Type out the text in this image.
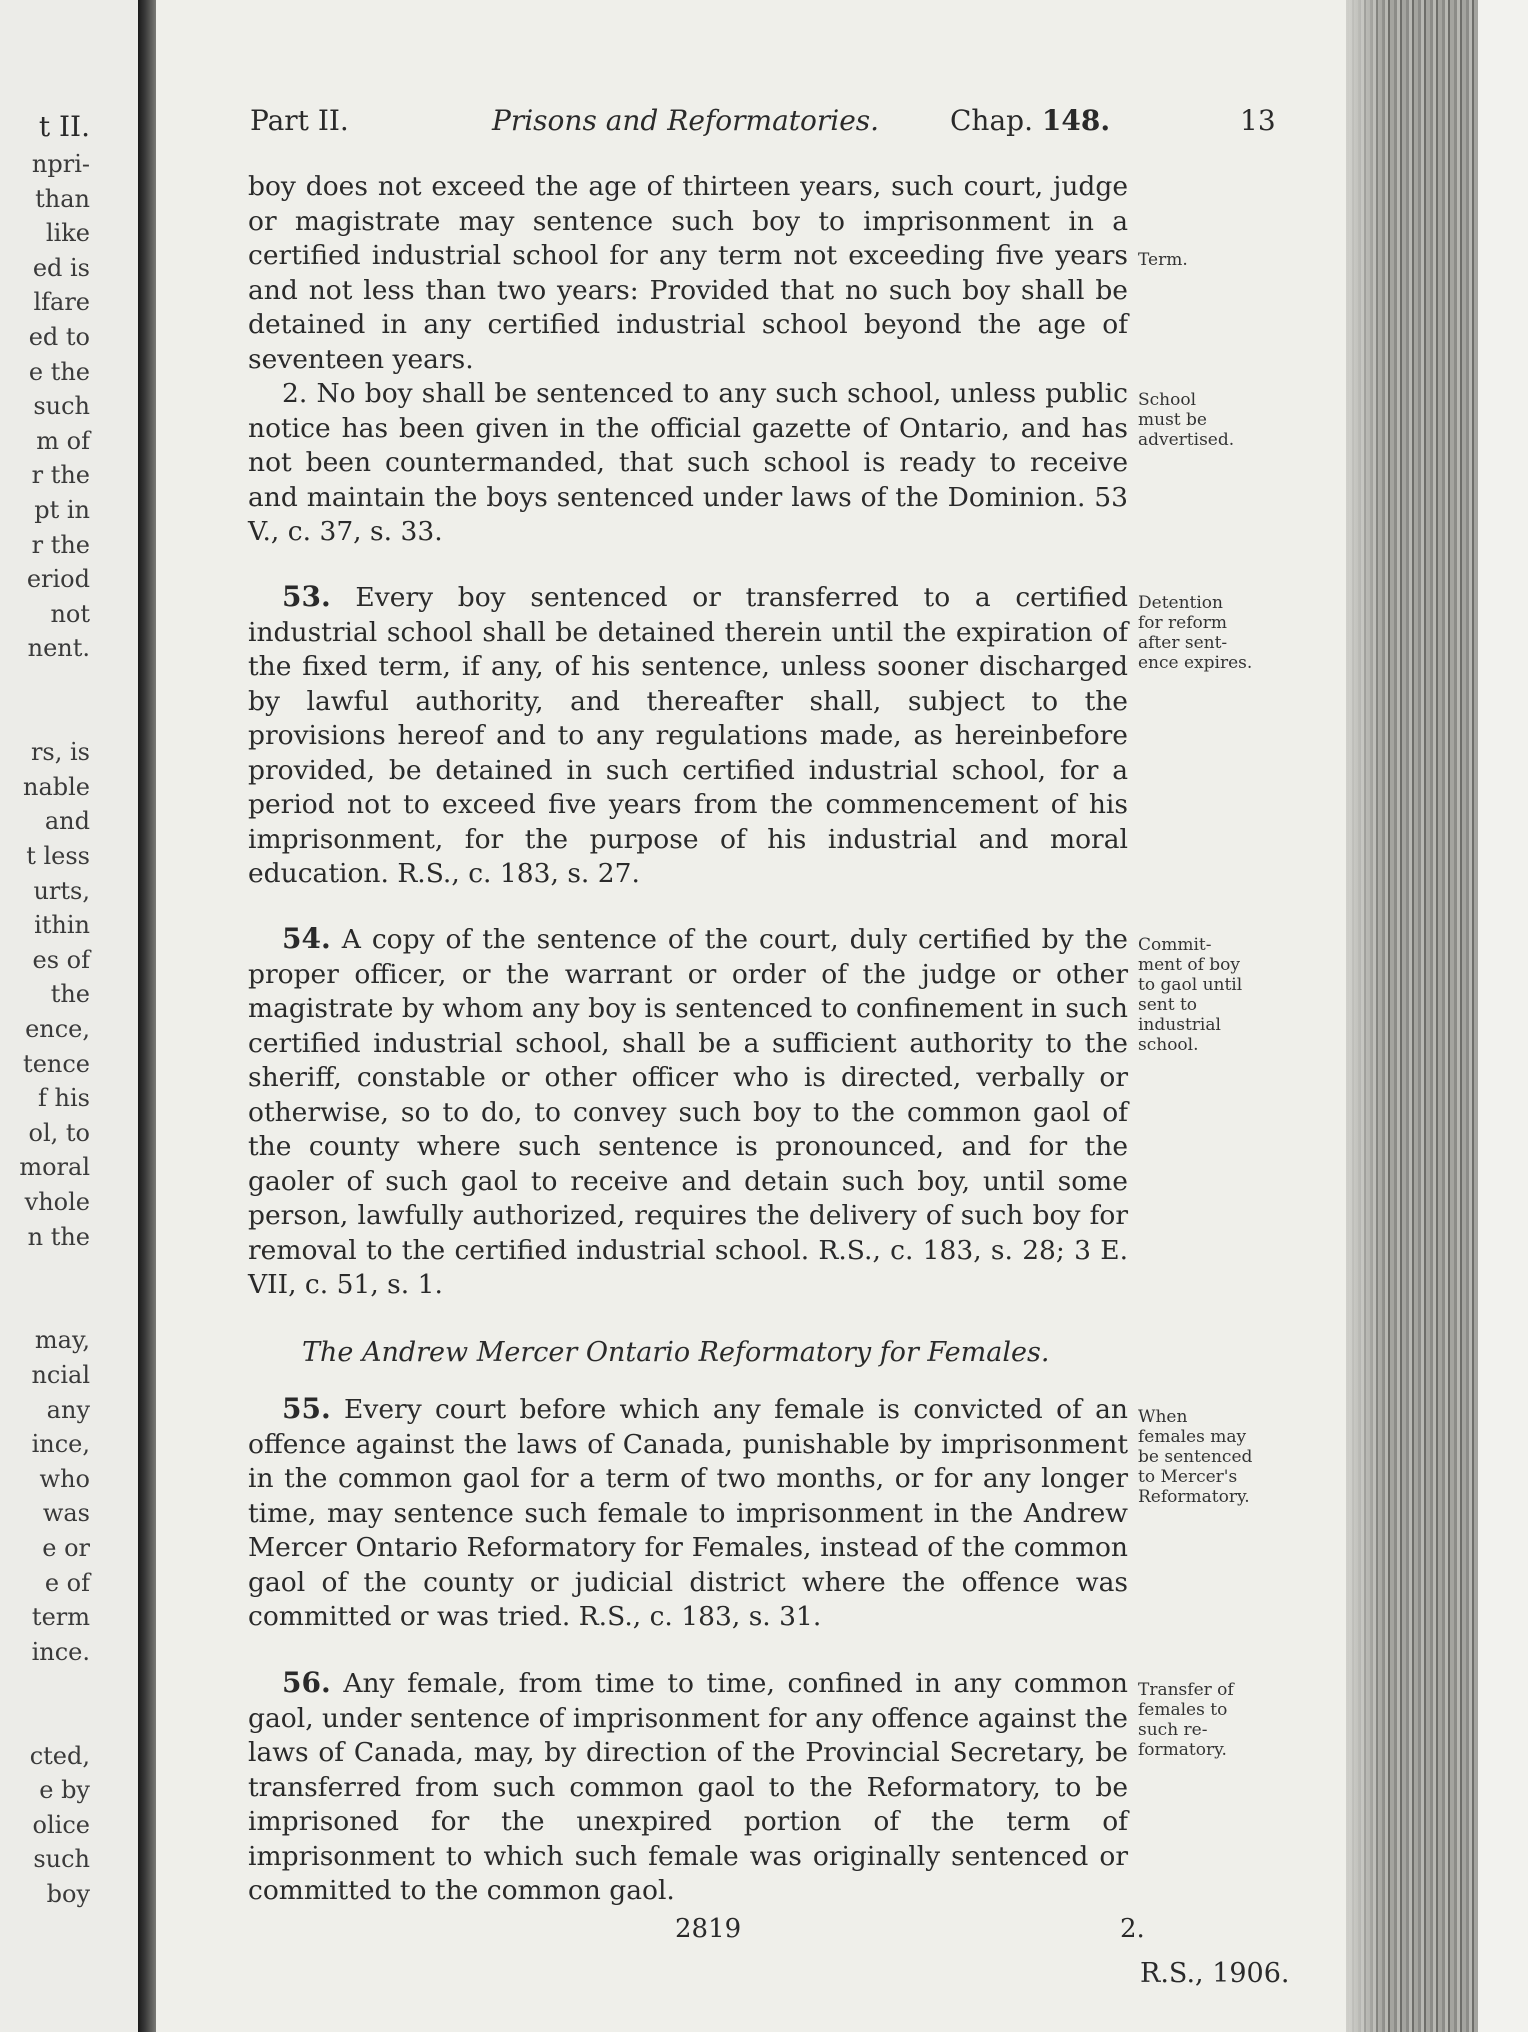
t II.
npri-
than
like
ed is
lfare
ed to
e the
such
m of
r the
pt in
r the
eriod
not
nent.
rs, is
nable
and
t less
urts,
ithin
es of
the
ence,
tence
f his
ol, to
moral
vhole
n the
may,
ncial
any
ince,
who
was
e or
e of
term
ince.
cted,
e by
olice
such
boy
Part II.	Prisons and Reformatories.	Chap. 148.	13

boy does not exceed the age of thirteen years, such court, judge or magistrate may sentence such boy to imprisonment in a certified industrial school for any term not exceeding five years and not less than two years: Provided that no such boy shall be detained in any certified industrial school beyond the age of seventeen years.

2. No boy shall be sentenced to any such school, unless public notice has been given in the official gazette of Ontario, and has not been countermanded, that such school is ready to receive and maintain the boys sentenced under laws of the Dominion. 53 V., c. 37, s. 33.

53. Every boy sentenced or transferred to a certified industrial school shall be detained therein until the expiration of the fixed term, if any, of his sentence, unless sooner discharged by lawful authority, and thereafter shall, subject to the provisions hereof and to any regulations made, as hereinbefore provided, be detained in such certified industrial school, for a period not to exceed five years from the commencement of his imprisonment, for the purpose of his industrial and moral education. R.S., c. 183, s. 27.

54. A copy of the sentence of the court, duly certified by the proper officer, or the warrant or order of the judge or other magistrate by whom any boy is sentenced to confinement in such certified industrial school, shall be a sufficient authority to the sheriff, constable or other officer who is directed, verbally or otherwise, so to do, to convey such boy to the common gaol of the county where such sentence is pronounced, and for the gaoler of such gaol to receive and detain such boy, until some person, lawfully authorized, requires the delivery of such boy for removal to the certified industrial school. R.S., c. 183, s. 28; 3 E. VII, c. 51, s. 1.

The Andrew Mercer Ontario Reformatory for Females.

55. Every court before which any female is convicted of an offence against the laws of Canada, punishable by imprisonment in the common gaol for a term of two months, or for any longer time, may sentence such female to imprisonment in the Andrew Mercer Ontario Reformatory for Females, instead of the common gaol of the county or judicial district where the offence was committed or was tried. R.S., c. 183, s. 31.

56. Any female, from time to time, confined in any common gaol, under sentence of imprisonment for any offence against the laws of Canada, may, by direction of the Provincial Secretary, be transferred from such common gaol to the Reformatory, to be imprisoned for the unexpired portion of the term of imprisonment to which such female was originally sentenced or committed to the common gaol.

Term.
School
must be
advertised.
Detention
for reform
after sent-
ence expires.
Commit-
ment of boy
to gaol until
sent to
industrial
school.
When
females may
be sentenced
to Mercer's
Reformatory.
Transfer of
females to
such re-
formatory.
2819	2.
R.S., 1906.
